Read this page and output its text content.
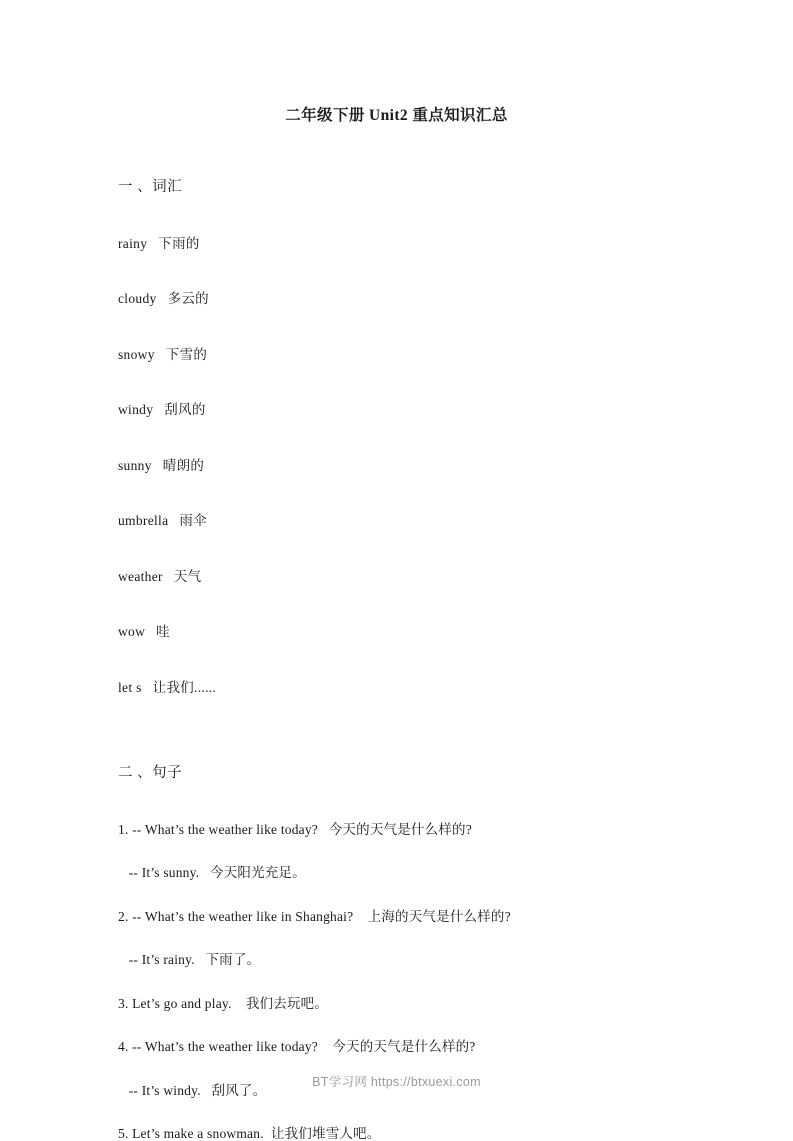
二年级下册 Unit2 重点知识汇总
一 、词汇
rainy   下雨的
cloudy   多云的
snowy   下雪的
windy   刮风的
sunny   晴朗的
umbrella   雨伞
weather   天气
wow   哇
let s   让我们......
二 、句子
1. -- What’s the weather like today?   今天的天气是什么样的?
-- It’s sunny.   今天阳光充足。
2. -- What’s the weather like in Shanghai?    上海的天气是什么样的?
-- It’s rainy.   下雨了。
3. Let’s go and play.    我们去玩吧。
4. -- What’s the weather like today?    今天的天气是什么样的?
-- It’s windy.   刮风了。
5. Let’s make a snowman.  让我们堆雪人吧。
BT学习网 https://btxuexi.com
